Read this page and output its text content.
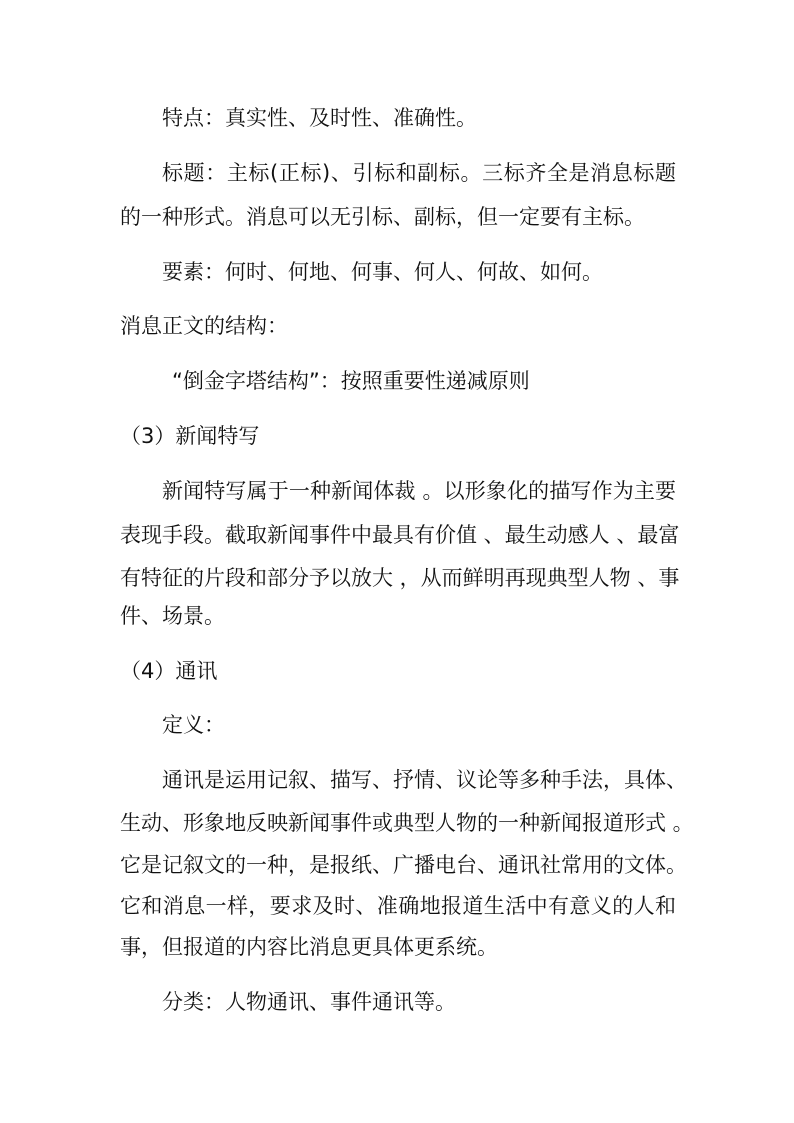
特点：真实性、及时性、准确性。
标题：主标(正标)、引标和副标。三标齐全是消息标题
的一种形式。消息可以无引标、副标，但一定要有主标。
要素：何时、何地、何事、何人、何故、如何。
消息正文的结构：
“倒金字塔结构”：按照重要性递减原则
（3）新闻特写
新闻特写属于一种新闻体裁 。以形象化的描写作为主要
表现手段。截取新闻事件中最具有价值 、最生动感人 、最富
有特征的片段和部分予以放大 ，从而鲜明再现典型人物 、事
件、场景。
（4）通讯
定义：
通讯是运用记叙、描写、抒情、议论等多种手法，具体、
生动、形象地反映新闻事件或典型人物的一种新闻报道形式 。
它是记叙文的一种，是报纸、广播电台、通讯社常用的文体。
它和消息一样，要求及时、准确地报道生活中有意义的人和
事，但报道的内容比消息更具体更系统。
分类：人物通讯、事件通讯等。
